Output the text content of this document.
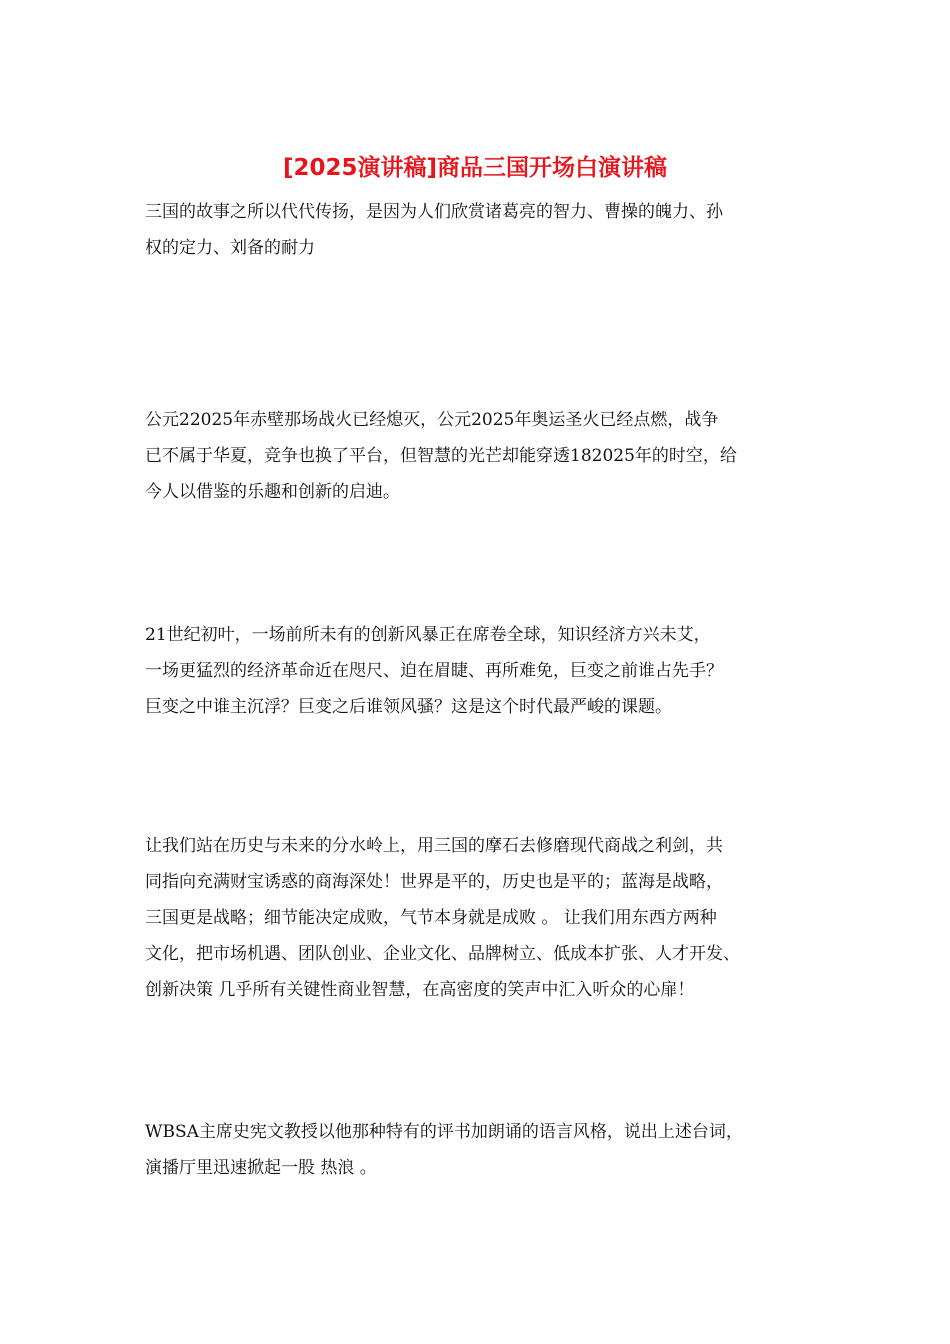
[2025演讲稿]商品三国开场白演讲稿

三国的故事之所以代代传扬，是因为人们欣赏诸葛亮的智力、曹操的魄力、孙
权的定力、刘备的耐力

公元22025年赤壁那场战火已经熄灭，公元2025年奥运圣火已经点燃，战争
已不属于华夏，竞争也换了平台，但智慧的光芒却能穿透182025年的时空，给
今人以借鉴的乐趣和创新的启迪。

21世纪初叶，一场前所未有的创新风暴正在席卷全球，知识经济方兴未艾，
一场更猛烈的经济革命近在咫尺、迫在眉睫、再所难免，巨变之前谁占先手？
巨变之中谁主沉浮？巨变之后谁领风骚？这是这个时代最严峻的课题。

让我们站在历史与未来的分水岭上，用三国的摩石去修磨现代商战之利剑，共
同指向充满财宝诱惑的商海深处！世界是平的，历史也是平的；蓝海是战略，
三国更是战略；细节能决定成败，气节本身就是成败 。 让我们用东西方两种
文化，把市场机遇、团队创业、企业文化、品牌树立、低成本扩张、人才开发、
创新决策 几乎所有关键性商业智慧，在高密度的笑声中汇入听众的心扉！

WBSA主席史宪文教授以他那种特有的评书加朗诵的语言风格，说出上述台词，
演播厅里迅速掀起一股 热浪 。
